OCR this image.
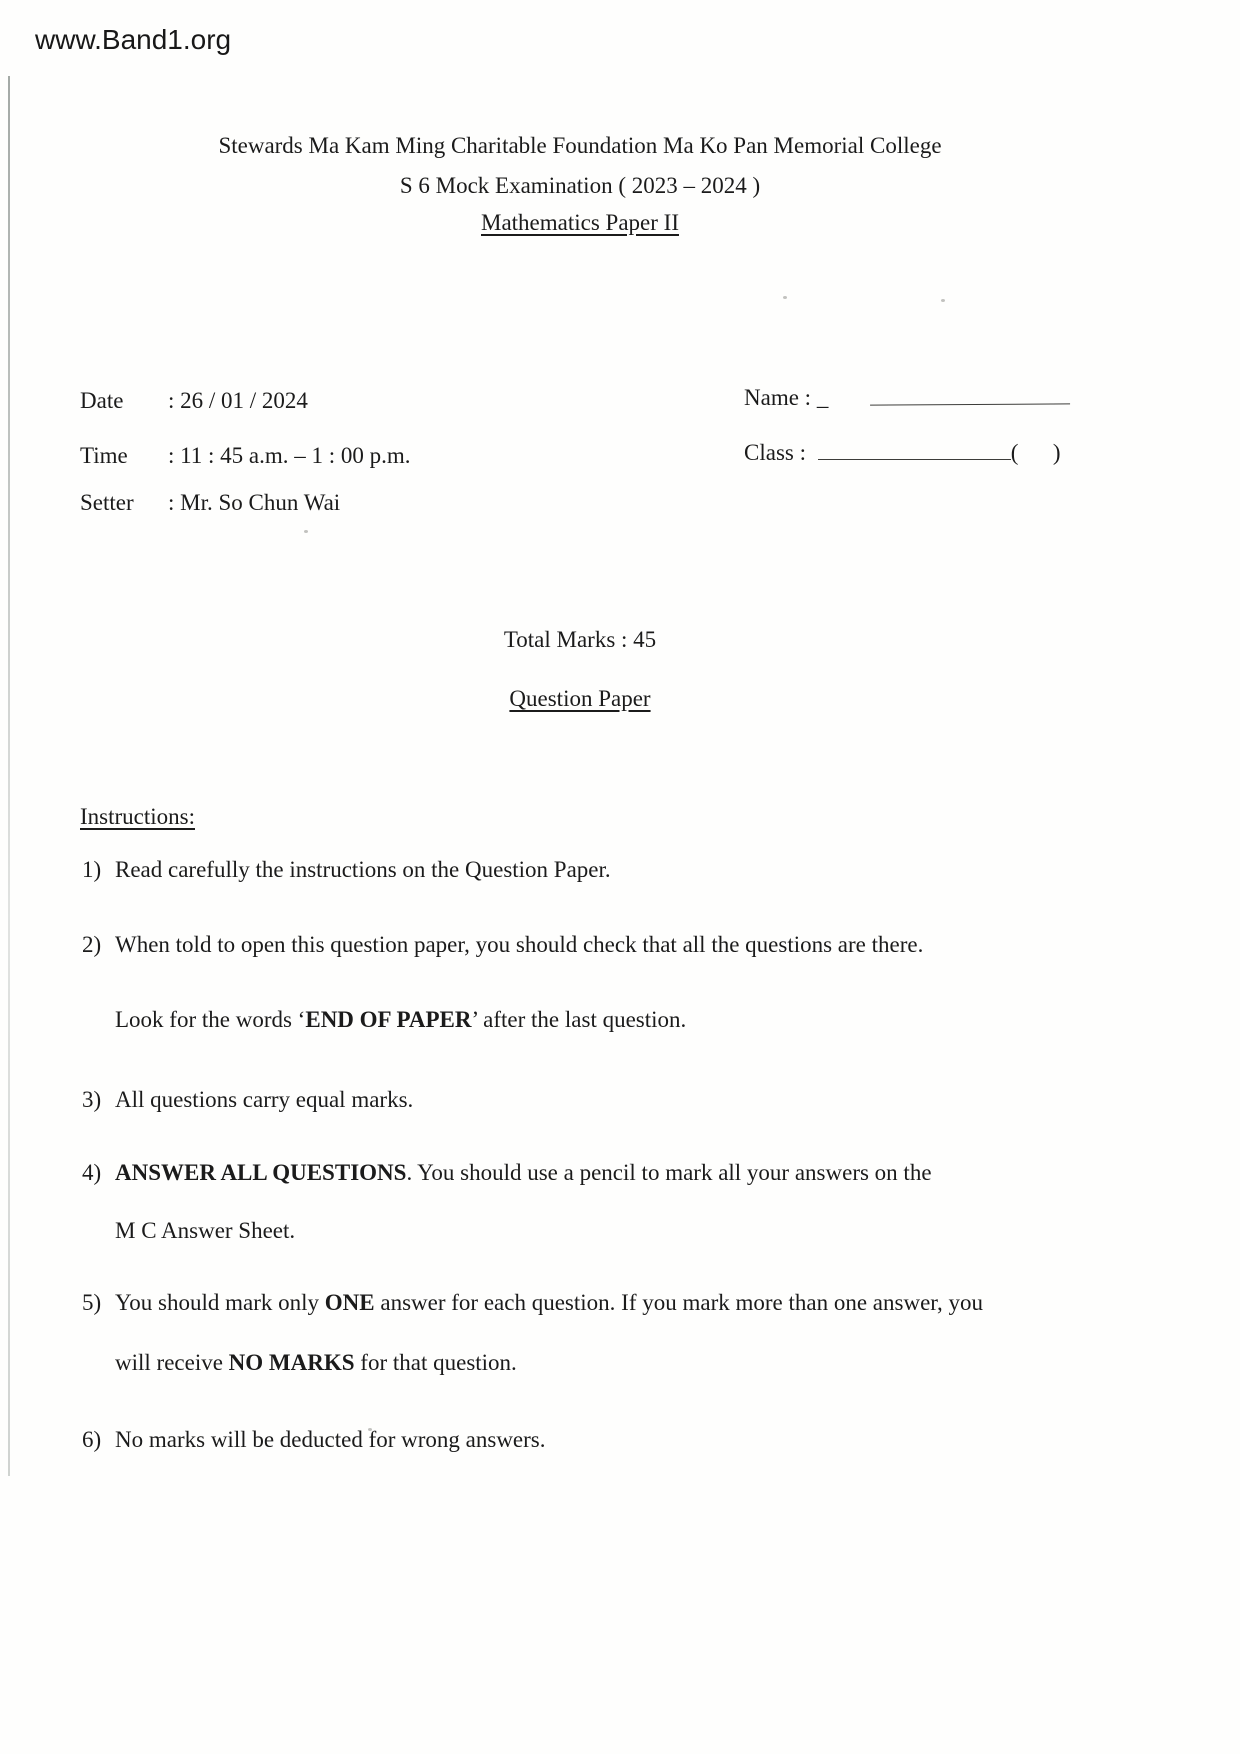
www.Band1.org
Stewards Ma Kam Ming Charitable Foundation Ma Ko Pan Memorial College
S 6 Mock Examination ( 2023 – 2024 )
Mathematics Paper II
Date : 26 / 01 / 2024
Time : 11 : 45 a.m. – 1 : 00 p.m.
Setter : Mr. So Chun Wai
Name : _
Class :	(      )
Total Marks : 45
Question Paper
Instructions:
1) Read carefully the instructions on the Question Paper.
2) When told to open this question paper, you should check that all the questions are there.
Look for the words ‘END OF PAPER’ after the last question.
3) All questions carry equal marks.
4) ANSWER ALL QUESTIONS. You should use a pencil to mark all your answers on the
M C Answer Sheet.
5) You should mark only ONE answer for each question. If you mark more than one answer, you
will receive NO MARKS for that question.
6) No marks will be deducted for wrong answers.
